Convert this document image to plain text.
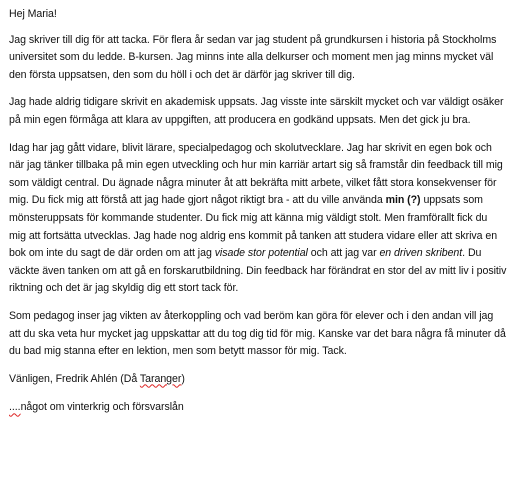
Hej Maria!

Jag skriver till dig för att tacka. För flera år sedan var jag student på grundkursen i historia på Stockholms universitet som du ledde. B-kursen. Jag minns inte alla delkurser och moment men jag minns mycket väl den första uppsatsen, den som du höll i och det är därför jag skriver till dig.

Jag hade aldrig tidigare skrivit en akademisk uppsats. Jag visste inte särskilt mycket och var väldigt osäker på min egen förmåga att klara av uppgiften, att producera en godkänd uppsats. Men det gick ju bra.

Idag har jag gått vidare, blivit lärare, specialpedagog och skolutvecklare. Jag har skrivit en egen bok och när jag tänker tillbaka på min egen utveckling och hur min karriär artart sig så framstår din feedback till mig som väldigt central. Du ägnade några minuter åt att bekräfta mitt arbete, vilket fått stora konsekvenser för mig. Du fick mig att förstå att jag hade gjort något riktigt bra - att du ville använda min (?) uppsats som mönsteruppsats för kommande studenter. Du fick mig att känna mig väldigt stolt. Men framförallt fick du mig att fortsätta utvecklas. Jag hade nog aldrig ens kommit på tanken att studera vidare eller att skriva en bok om inte du sagt de där orden om att jag visade stor potential och att jag var en driven skribent. Du väckte även tanken om att gå en forskarutbildning. Din feedback har förändrat en stor del av mitt liv i positiv riktning och det är jag skyldig dig ett stort tack för.

Som pedagog inser jag vikten av återkoppling och vad beröm kan göra för elever och i den andan vill jag att du ska veta hur mycket jag uppskattar att du tog dig tid för mig. Kanske var det bara några få minuter då du bad mig stanna efter en lektion, men som betytt massor för mig. Tack.

Vänligen, Fredrik Ahlén (Då Taranger)

....något om vinterkrig och försvarslån
